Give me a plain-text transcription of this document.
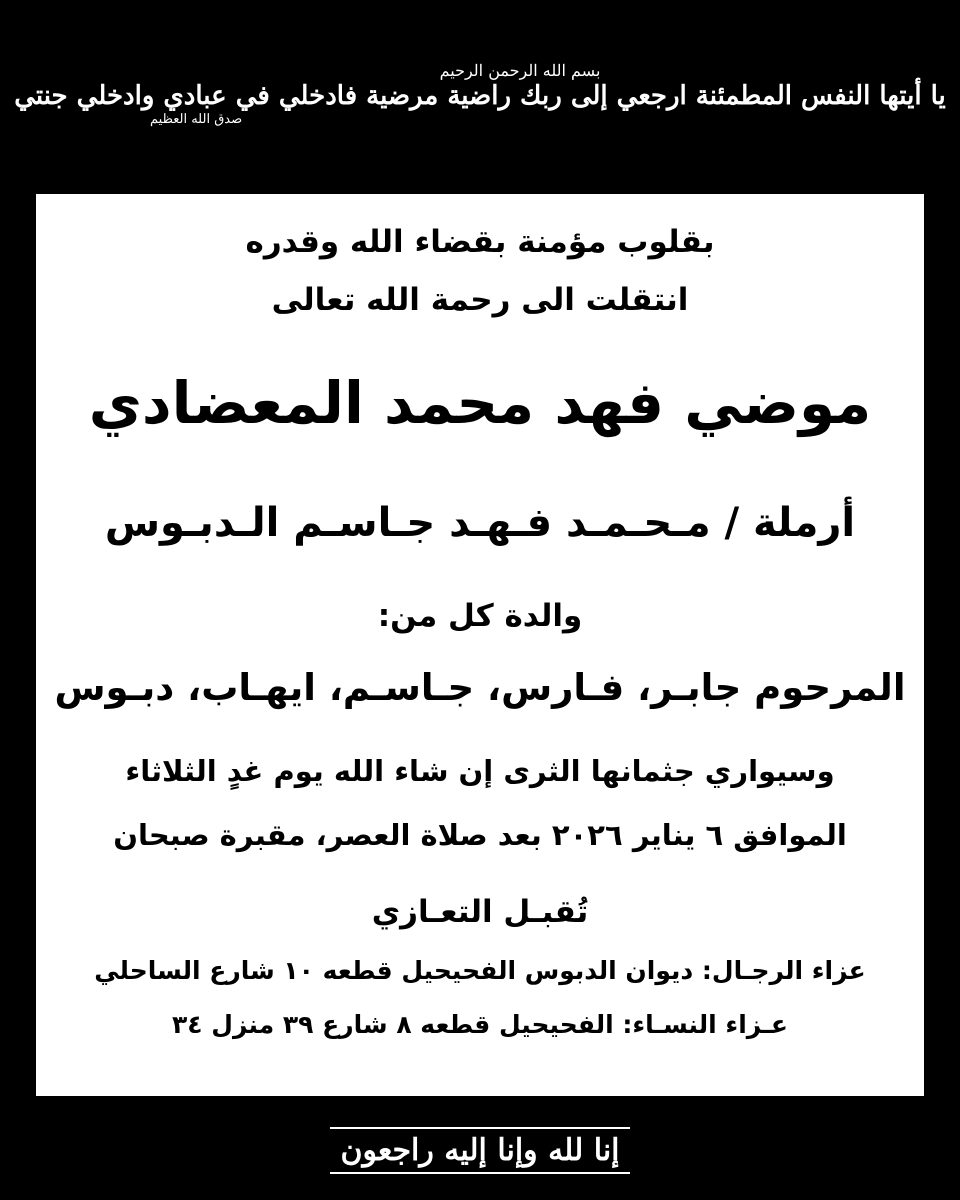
بسم الله الرحمن الرحيم
يا أيتها النفس المطمئنة ارجعي إلى ربك راضية مرضية فادخلي في عبادي وادخلي جنتي
صدق الله العظيم
بقلوب مؤمنة بقضاء الله وقدره
انتقلت الى رحمة الله تعالى
موضي فهد محمد المعضادي
أرملة / مـحـمـد فـهـد جـاسـم الـدبـوس
والدة كل من:
المرحوم جابـر، فـارس، جـاسـم، ايهـاب، دبـوس
وسيواري جثمانها الثرى إن شاء الله يوم غدٍ الثلاثاء
الموافق ٦ يناير ٢٠٢٦ بعد صلاة العصر، مقبرة صبحان
تُقبـل التعـازي
عزاء الرجـال: ديوان الدبوس الفحيحيل قطعه ١٠ شارع الساحلي
عـزاء النسـاء: الفحيحيل قطعه ٨ شارع ٣٩ منزل ٣٤
إنا لله وإنا إليه راجعون
